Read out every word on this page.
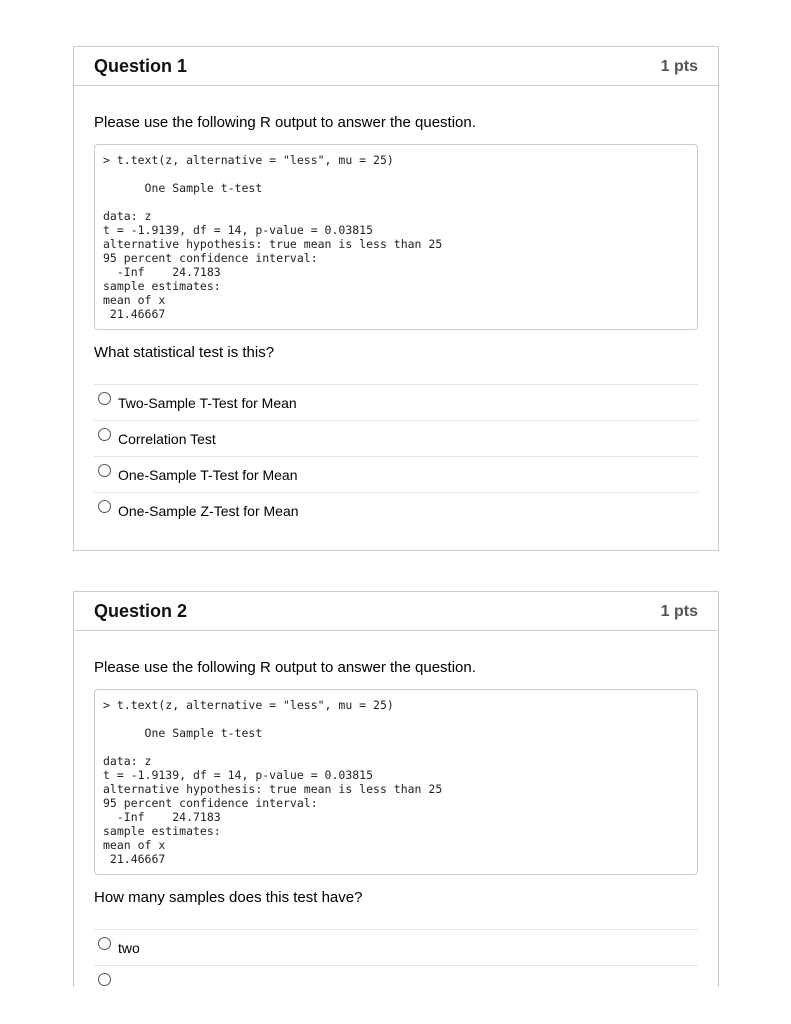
Question 1	1 pts
Please use the following R output to answer the question.
> t.text(z, alternative = "less", mu = 25)
One Sample t-test
data: z
t = -1.9139, df = 14, p-value = 0.03815
alternative hypothesis: true mean is less than 25
95 percent confidence interval:
-Inf    24.7183
sample estimates:
mean of x
21.46667
What statistical test is this?
Two-Sample T-Test for Mean
Correlation Test
One-Sample T-Test for Mean
One-Sample Z-Test for Mean
Question 2	1 pts
Please use the following R output to answer the question.
> t.text(z, alternative = "less", mu = 25)
One Sample t-test
data: z
t = -1.9139, df = 14, p-value = 0.03815
alternative hypothesis: true mean is less than 25
95 percent confidence interval:
-Inf    24.7183
sample estimates:
mean of x
21.46667
How many samples does this test have?
two
